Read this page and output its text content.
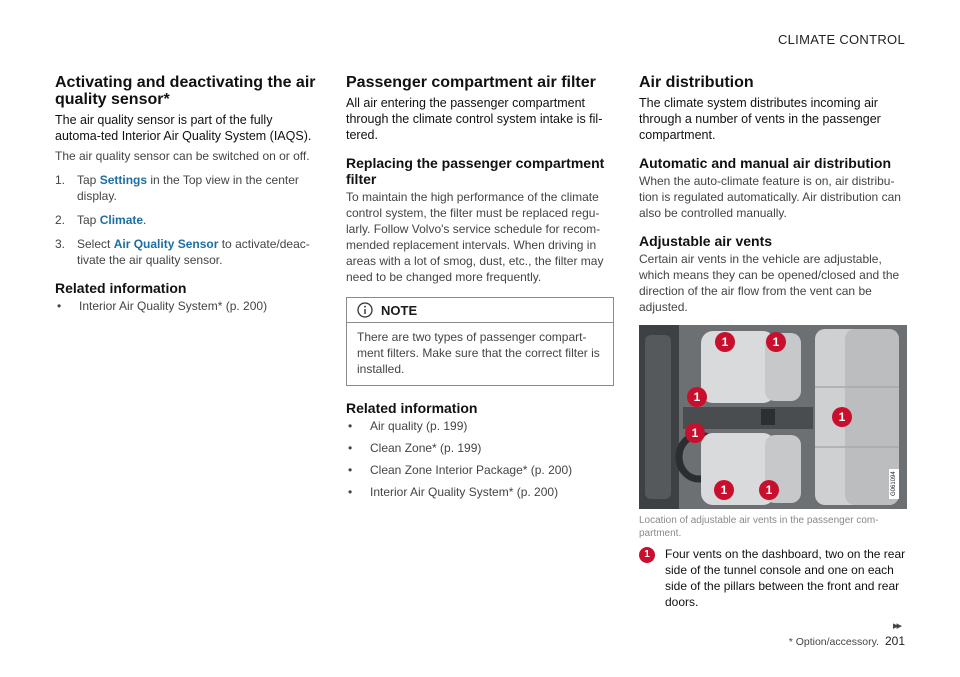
CLIMATE CONTROL
Activating and deactivating the air quality sensor*
The air quality sensor is part of the fully automa-ted Interior Air Quality System (IAQS).
The air quality sensor can be switched on or off.
1. Tap Settings in the Top view in the center display.
2. Tap Climate.
3. Select Air Quality Sensor to activate/deac-tivate the air quality sensor.
Related information
• Interior Air Quality System* (p. 200)
Passenger compartment air filter
All air entering the passenger compartment through the climate control system intake is fil-tered.
Replacing the passenger compartment filter
To maintain the high performance of the climate control system, the filter must be replaced regu-larly. Follow Volvo's service schedule for recom-mended replacement intervals. When driving in areas with a lot of smog, dust, etc., the filter may need to be changed more frequently.
NOTE
There are two types of passenger compart-ment filters. Make sure that the correct filter is installed.
Related information
• Air quality (p. 199)
• Clean Zone* (p. 199)
• Clean Zone Interior Package* (p. 200)
• Interior Air Quality System* (p. 200)
Air distribution
The climate system distributes incoming air through a number of vents in the passenger compartment.
Automatic and manual air distribution
When the auto-climate feature is on, air distribu-tion is regulated automatically. Air distribution can also be controlled manually.
Adjustable air vents
Certain air vents in the vehicle are adjustable, which means they can be opened/closed and the direction of the air flow from the vent can be adjusted.
1	1
1
1
1
1	1	G061094
Location of adjustable air vents in the passenger com-partment.
1	Four vents on the dashboard, two on the rear side of the tunnel console and one on each side of the pillars between the front and rear doors.
▸▸
* Option/accessory. 201
